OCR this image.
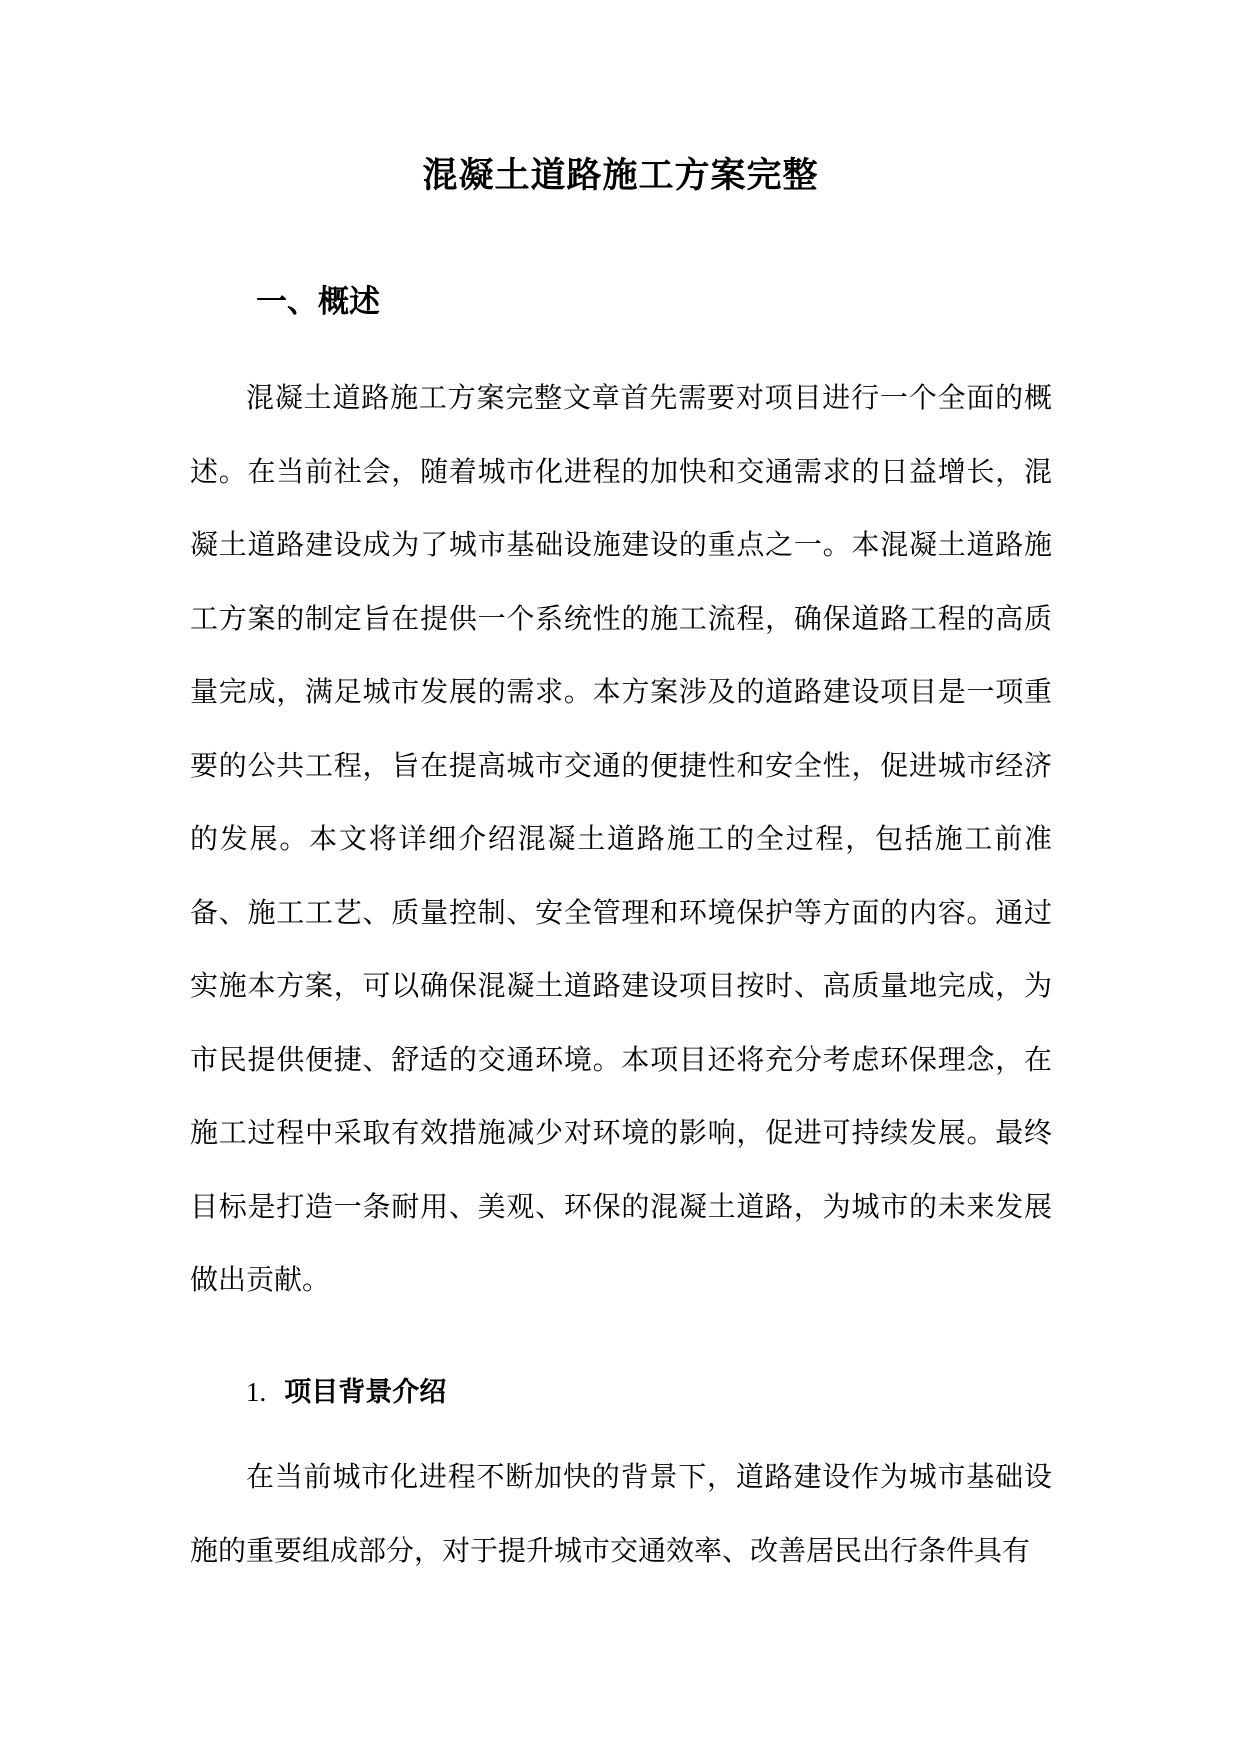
混凝土道路施工方案完整
一、概述

混凝土道路施工方案完整文章首先需要对项目进行一个全面的概述。在当前社会，随着城市化进程的加快和交通需求的日益增长，混凝土道路建设成为了城市基础设施建设的重点之一。本混凝土道路施工方案的制定旨在提供一个系统性的施工流程，确保道路工程的高质量完成，满足城市发展的需求。本方案涉及的道路建设项目是一项重要的公共工程，旨在提高城市交通的便捷性和安全性，促进城市经济的发展。本文将详细介绍混凝土道路施工的全过程，包括施工前准备、施工工艺、质量控制、安全管理和环境保护等方面的内容。通过实施本方案，可以确保混凝土道路建设项目按时、高质量地完成，为市民提供便捷、舒适的交通环境。本项目还将充分考虑环保理念，在施工过程中采取有效措施减少对环境的影响，促进可持续发展。最终目标是打造一条耐用、美观、环保的混凝土道路，为城市的未来发展做出贡献。

1. 项目背景介绍

在当前城市化进程不断加快的背景下，道路建设作为城市基础设施的重要组成部分，对于提升城市交通效率、改善居民出行条件具有
